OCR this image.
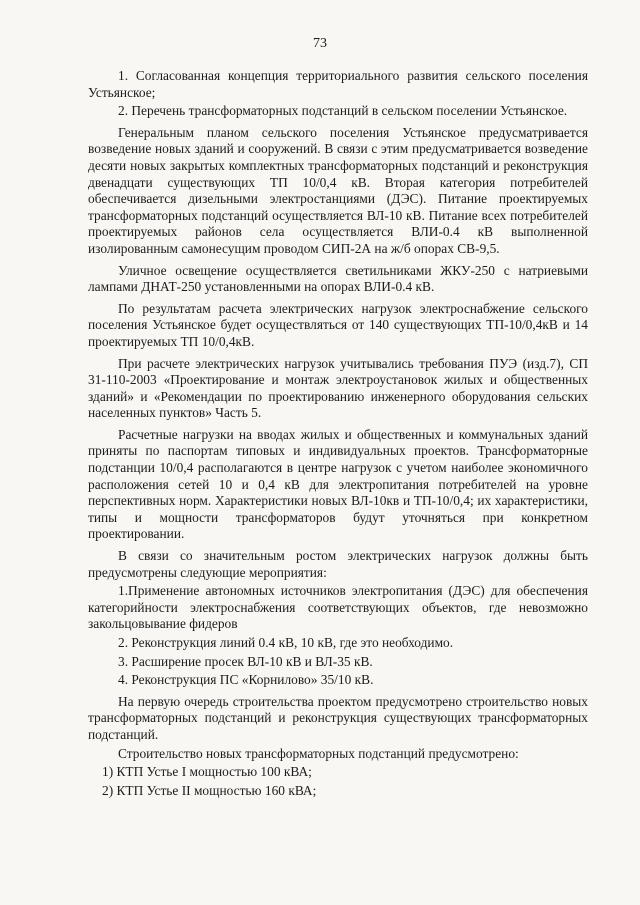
73

1. Согласованная концепция территориального развития сельского поселения Устьянское;

2. Перечень трансформаторных подстанций в сельском поселении Устьянское.

Генеральным планом сельского поселения Устьянское предусматривается возведение новых зданий и сооружений. В связи с этим предусматривается возведение десяти новых закрытых комплектных трансформаторных подстанций и реконструкция двенадцати существующих ТП 10/0,4 кВ. Вторая категория потребителей обеспечивается дизельными электростанциями (ДЭС). Питание проектируемых трансформаторных подстанций осуществляется ВЛ-10 кВ. Питание всех потребителей проектируемых районов села осуществляется ВЛИ-0.4 кВ выполненной изолированным самонесущим проводом СИП-2А на ж/б опорах СВ-9,5.

Уличное освещение осуществляется светильниками ЖКУ-250 с натриевыми лампами ДНАТ-250 установленными на опорах ВЛИ-0.4 кВ.

По результатам расчета электрических нагрузок электроснабжение сельского поселения Устьянское будет осуществляться от 140 существующих ТП-10/0,4кВ и 14 проектируемых ТП 10/0,4кВ.

При расчете электрических нагрузок учитывались требования ПУЭ (изд.7), СП 31-110-2003 «Проектирование и монтаж электроустановок жилых и общественных зданий» и «Рекомендации по проектированию инженерного оборудования сельских населенных пунктов» Часть 5.

Расчетные нагрузки на вводах жилых и общественных и коммунальных зданий приняты по паспортам типовых и индивидуальных проектов. Трансформаторные подстанции 10/0,4 располагаются в центре нагрузок с учетом наиболее экономичного расположения сетей 10 и 0,4 кВ для электропитания потребителей на уровне перспективных норм. Характеристики новых ВЛ-10кв и ТП-10/0,4; их характеристики, типы и мощности трансформаторов будут уточняться при конкретном проектировании.

В связи со значительным ростом электрических нагрузок должны быть предусмотрены следующие мероприятия:

1.Применение автономных источников электропитания (ДЭС) для обеспечения категорийности электроснабжения соответствующих объектов, где невозможно закольцовывание фидеров

2. Реконструкция линий 0.4 кВ, 10 кВ, где это необходимо.

3. Расширение просек ВЛ-10 кВ и ВЛ-35 кВ.

4. Реконструкция ПС «Корнилово» 35/10 кВ.

На первую очередь строительства проектом предусмотрено строительство новых трансформаторных подстанций и реконструкция существующих трансформаторных подстанций.

Строительство новых трансформаторных подстанций предусмотрено:

1) КТП Устье I мощностью 100 кВА;

2) КТП Устье II мощностью 160 кВА;
